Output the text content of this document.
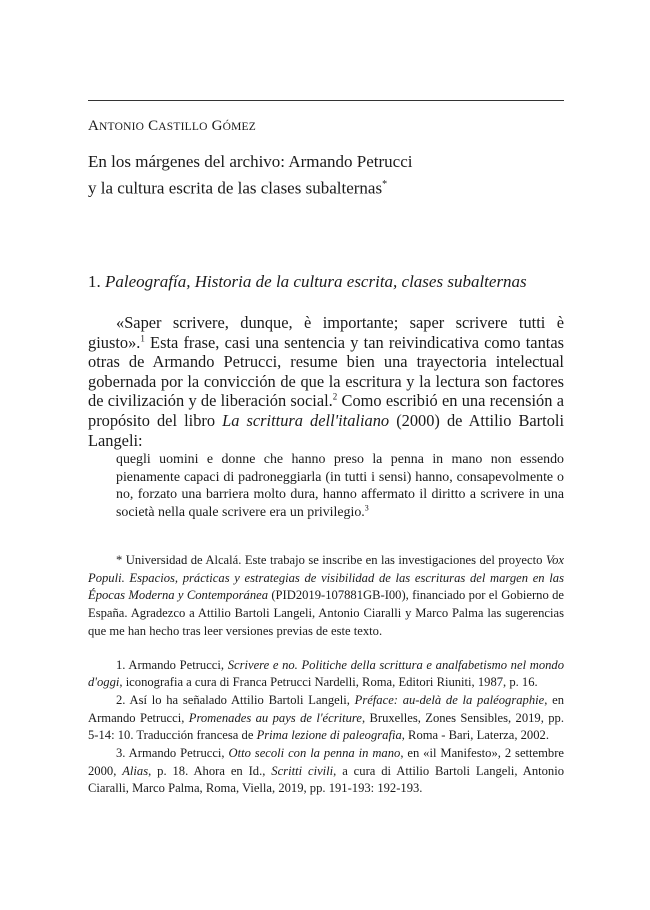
ANTONIO CASTILLO GÓMEZ
En los márgenes del archivo: Armando Petrucci
y la cultura escrita de las clases subalternas*
1. Paleografía, Historia de la cultura escrita, clases subalternas

«Saper scrivere, dunque, è importante; saper scrivere tutti è giusto».$^1$ Esta frase, casi una sentencia y tan reivindicativa como tantas otras de Armando Petrucci, resume bien una trayectoria intelectual gobernada por la convicción de que la escritura y la lectura son factores de civilización y de liberación social.$^2$ Como escribió en una recensión a propósito del libro La scrittura dell'italiano (2000) de Attilio Bartoli Langeli:

quegli uomini e donne che hanno preso la penna in mano non essendo pienamente capaci di padroneggiarla (in tutti i sensi) hanno, consapevolmente o no, forzato una barriera molto dura, hanno affermato il diritto a scrivere in una società nella quale scrivere era un privilegio.$^3$

* Universidad de Alcalá. Este trabajo se inscribe en las investigaciones del proyecto Vox Populi. Espacios, prácticas y estrategias de visibilidad de las escrituras del margen en las Épocas Moderna y Contemporánea (PID2019-107881GB-I00), financiado por el Gobierno de España. Agradezco a Attilio Bartoli Langeli, Antonio Ciaralli y Marco Palma las sugerencias que me han hecho tras leer versiones previas de este texto.

1. Armando Petrucci, Scrivere e no. Politiche della scrittura e analfabetismo nel mondo d'oggi, iconografia a cura di Franca Petrucci Nardelli, Roma, Editori Riuniti, 1987, p. 16.

2. Así lo ha señalado Attilio Bartoli Langeli, Préface: au-delà de la paléographie, en Armando Petrucci, Promenades au pays de l'écriture, Bruxelles, Zones Sensibles, 2019, pp. 5-14: 10. Traducción francesa de Prima lezione di paleografia, Roma - Bari, Laterza, 2002.

3. Armando Petrucci, Otto secoli con la penna in mano, en «il Manifesto», 2 settembre 2000, Alias, p. 18. Ahora en Id., Scritti civili, a cura di Attilio Bartoli Langeli, Antonio Ciaralli, Marco Palma, Roma, Viella, 2019, pp. 191-193: 192-193.
